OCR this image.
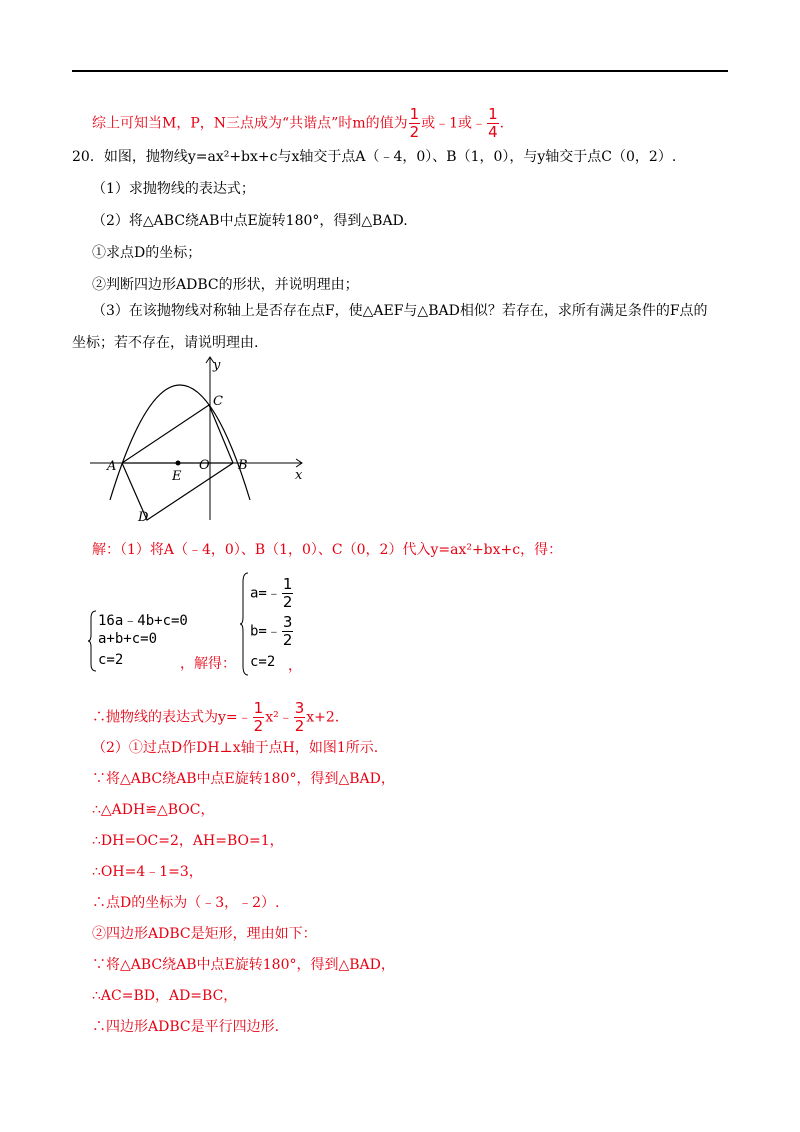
综上可知当M，P，N三点成为“共谐点”时m的值为 $\frac{1}{2}$ 或﹣1或﹣ $\frac{1}{4}$ .
20．如图，抛物线y=ax²+bx+c与x轴交于点A（﹣4，0）、B（1，0），与y轴交于点C（0，2）.
（1）求抛物线的表达式；
（2）将△ABC绕AB中点E旋转180°，得到△BAD.
①求点D的坐标；
②判断四边形ADBC的形状，并说明理由；
（3）在该抛物线对称轴上是否存在点F，使△AEF与△BAD相似？若存在，求所有满足条件的F点的
坐标；若不存在，请说明理由.
y
x
C
A
E
O B
D
解：（1）将A（﹣4，0）、B（1，0）、C（0，2）代入y=ax²+bx+c，得：
16a﹣4b+c=0
a+b+c=0
c=2	，解得：
a=﹣ $\frac{1}{2}$
b=﹣ $\frac{3}{2}$
c=2 ，
∴抛物线的表达式为y=﹣ $\frac{1}{2}$ x²﹣ $\frac{3}{2} x+2$.
（2）①过点D作DH⊥x轴于点H，如图1所示.
∵将△ABC绕AB中点E旋转180°，得到△BAD，
∴△ADH≌△BOC，
∴DH=OC=2，AH=BO=1，
∴OH=4﹣1=3，
∴点D的坐标为（﹣3，﹣2）.
②四边形ADBC是矩形，理由如下：
∵将△ABC绕AB中点E旋转180°，得到△BAD，
∴AC=BD，AD=BC，
∴四边形ADBC是平行四边形.
